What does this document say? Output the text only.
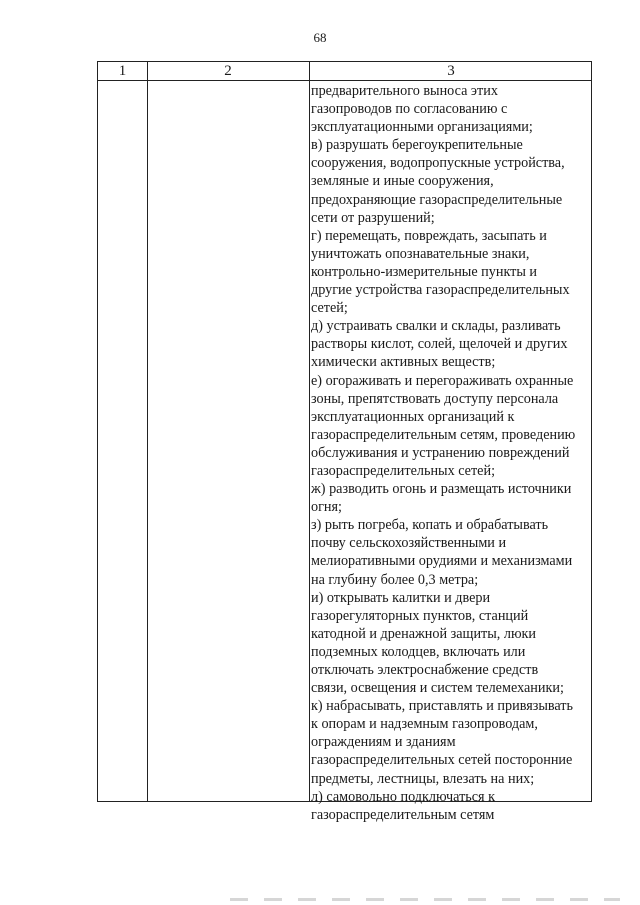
68
1	2	3
предварительного выноса этих
газопроводов по согласованию с
эксплуатационными организациями;
в) разрушать берегоукрепительные
сооружения, водопропускные устройства,
земляные и иные сооружения,
предохраняющие газораспределительные
сети от разрушений;
г) перемещать, повреждать, засыпать и
уничтожать опознавательные знаки,
контрольно-измерительные пункты и
другие устройства газораспределительных
сетей;
д) устраивать свалки и склады, разливать
растворы кислот, солей, щелочей и других
химически активных веществ;
е) огораживать и перегораживать охранные
зоны, препятствовать доступу персонала
эксплуатационных организаций к
газораспределительным сетям, проведению
обслуживания и устранению повреждений
газораспределительных сетей;
ж) разводить огонь и размещать источники
огня;
з) рыть погреба, копать и обрабатывать
почву сельскохозяйственными и
мелиоративными орудиями и механизмами
на глубину более 0,3 метра;
и) открывать калитки и двери
газорегуляторных пунктов, станций
катодной и дренажной защиты, люки
подземных колодцев, включать или
отключать электроснабжение средств
связи, освещения и систем телемеханики;
к) набрасывать, приставлять и привязывать
к опорам и надземным газопроводам,
ограждениям и зданиям
газораспределительных сетей посторонние
предметы, лестницы, влезать на них;
л) самовольно подключаться к
газораспределительным сетям
